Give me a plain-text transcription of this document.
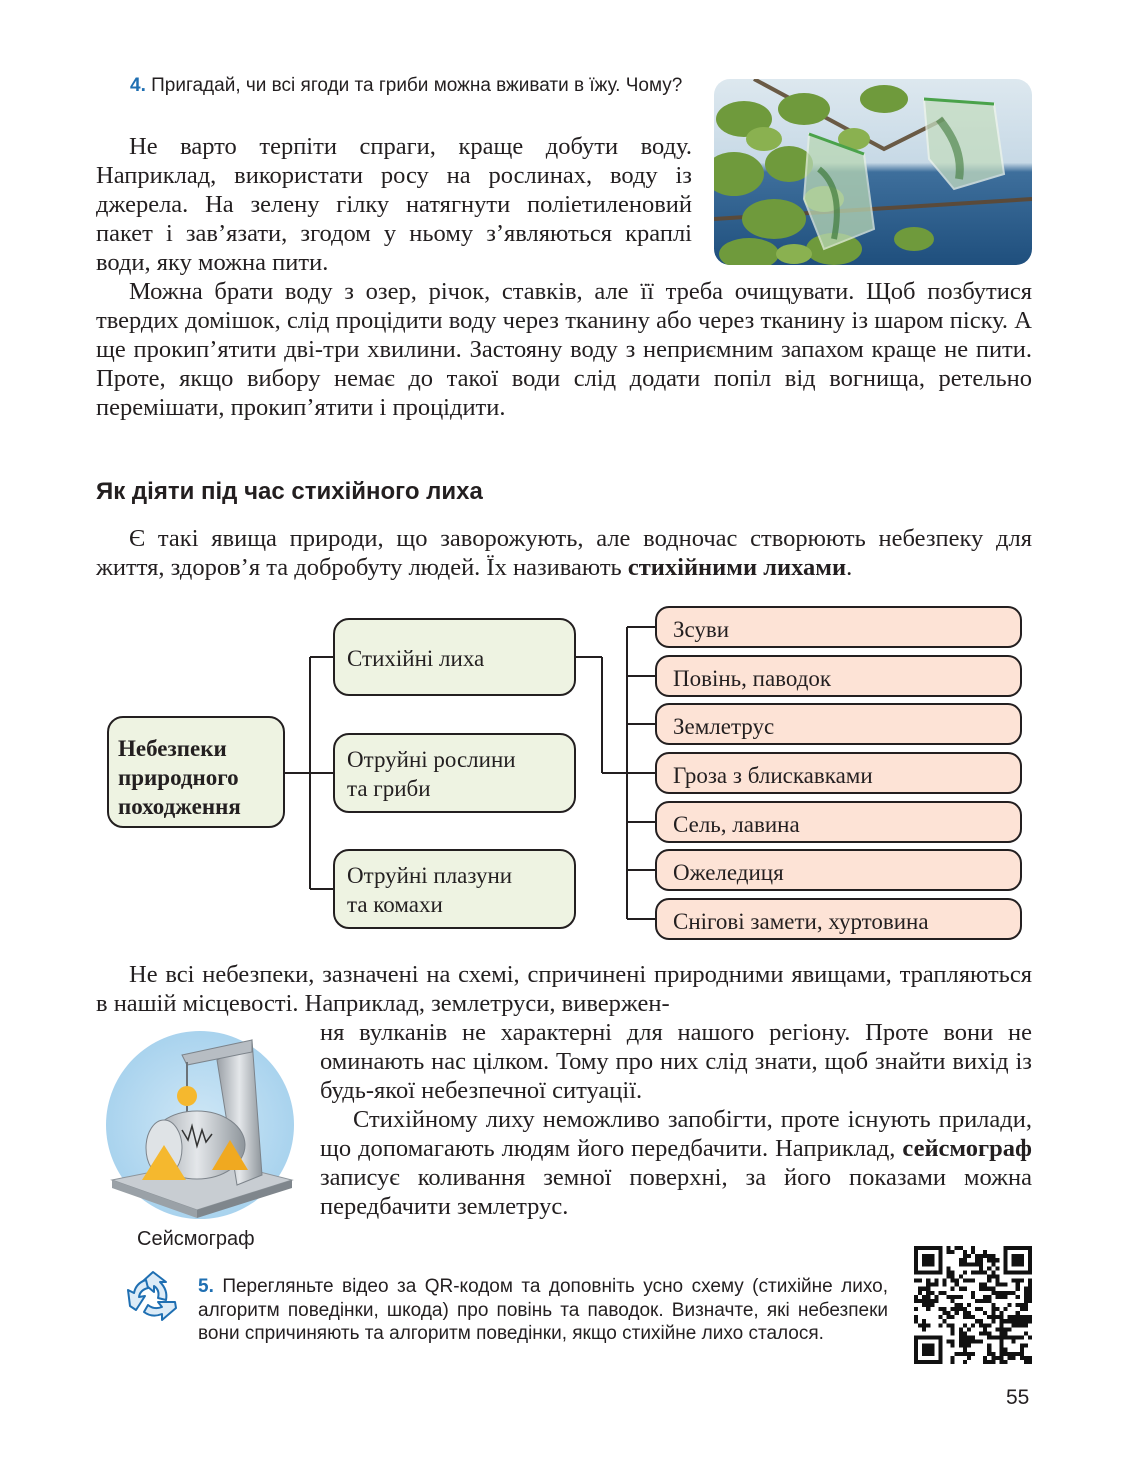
4. Пригадай, чи всі ягоди та гриби можна вживати в їжу. Чому?

Не варто терпіти спраги, краще добути воду. Наприклад, використати росу на рослинах, воду із джерела. На зелену гілку натягнути поліетиленовий пакет і зав’язати, згодом у ньому з’являються краплі води, яку можна пити.

Можна брати воду з озер, річок, ставків, але її треба очищувати. Щоб позбутися твердих домішок, слід процідити воду через тканину або через тканину із шаром піску. А ще прокип’ятити дві-три хвилини. Застояну воду з неприємним запахом краще не пити. Проте, якщо вибору немає до такої води слід додати попіл від вогнища, ретельно перемішати, прокип’ятити і процідити.

Як діяти під час стихійного лиха

Є такі явища природи, що заворожують, але водночас створюють небезпеку для життя, здоров’я та добробуту людей. Їх називають стихійними лихами.

Небезпеки
природного
походження
Стихійні лиха
Отруйні рослини
та гриби
Отруйні плазуни
та комахи
Зсуви
Повінь, паводок
Землетрус
Гроза з блискавками
Сель, лавина
Ожеледиця
Снігові замети, хуртовина

Не всі небезпеки, зазначені на схемі, спричинені природними явищами, трапляються в нашій місцевості. Наприклад, землетруси, вивержен-

ня вулканів не характерні для нашого регіону. Проте вони не оминають нас цілком. Тому про них слід знати, щоб знайти вихід із будь-якої небезпечної ситуації.

Стихійному лиху неможливо запобігти, проте існують прилади, що допомагають людям його передбачити. Наприклад, сейсмограф записує коливання земної поверхні, за його показами можна передбачити землетрус.

Сейсмограф
5. Перегляньте відео за QR-кодом та доповніть усно схему (стихійне лихо, алгоритм поведінки, шкода) про повінь та паводок. Визначте, які небезпеки вони спричиняють та алгоритм поведінки, якщо стихійне лихо сталося.
55
